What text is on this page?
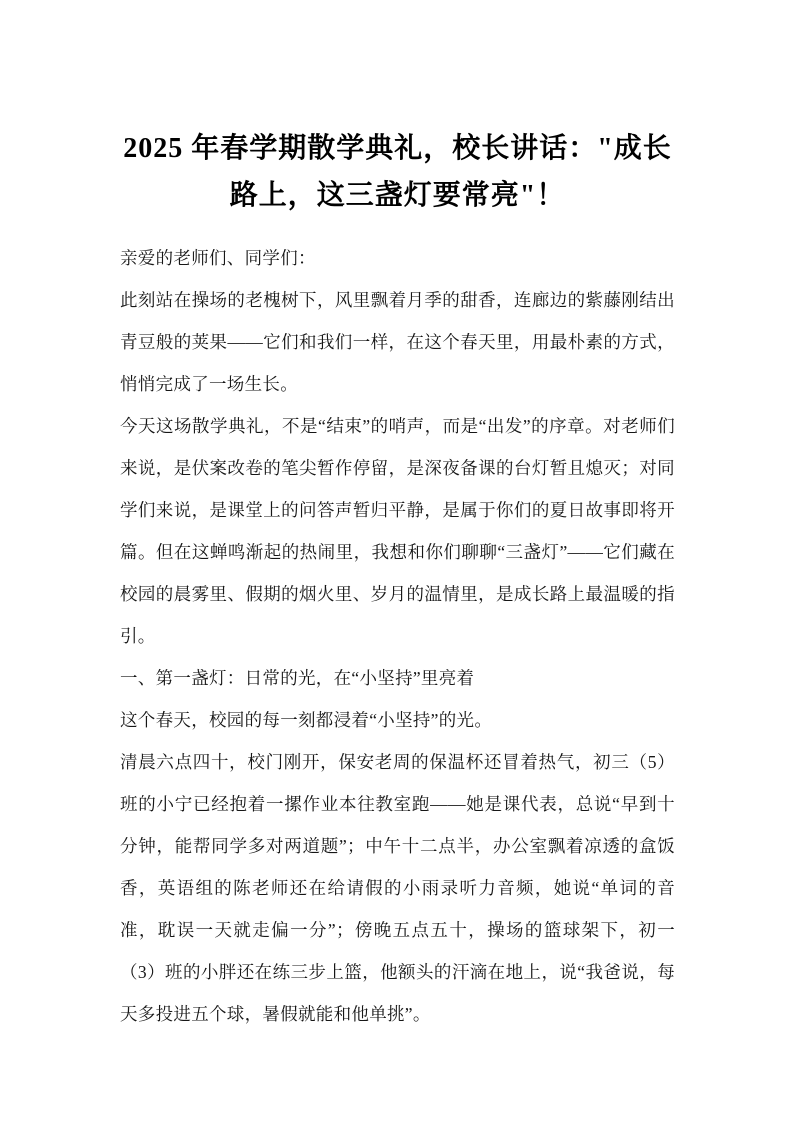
2025 年春学期散学典礼，校长讲话："成长
路上，这三盏灯要常亮"！

亲爱的老师们、同学们：

此刻站在操场的老槐树下，风里飘着月季的甜香，连廊边的紫藤刚结出青豆般的荚果——它们和我们一样，在这个春天里，用最朴素的方式，悄悄完成了一场生长。

今天这场散学典礼，不是“结束”的哨声，而是“出发”的序章。对老师们来说，是伏案改卷的笔尖暂作停留，是深夜备课的台灯暂且熄灭；对同学们来说，是课堂上的问答声暂归平静，是属于你们的夏日故事即将开篇。但在这蝉鸣渐起的热闹里，我想和你们聊聊“三盏灯”——它们藏在校园的晨雾里、假期的烟火里、岁月的温情里，是成长路上最温暖的指引。

一、第一盏灯：日常的光，在“小坚持”里亮着

这个春天，校园的每一刻都浸着“小坚持”的光。

清晨六点四十，校门刚开，保安老周的保温杯还冒着热气，初三（5）班的小宁已经抱着一摞作业本往教室跑——她是课代表，总说“早到十分钟，能帮同学多对两道题”；中午十二点半，办公室飘着凉透的盒饭香，英语组的陈老师还在给请假的小雨录听力音频，她说“单词的音准，耽误一天就走偏一分”；傍晚五点五十，操场的篮球架下，初一（3）班的小胖还在练三步上篮，他额头的汗滴在地上，说“我爸说，每天多投进五个球，暑假就能和他单挑”。
